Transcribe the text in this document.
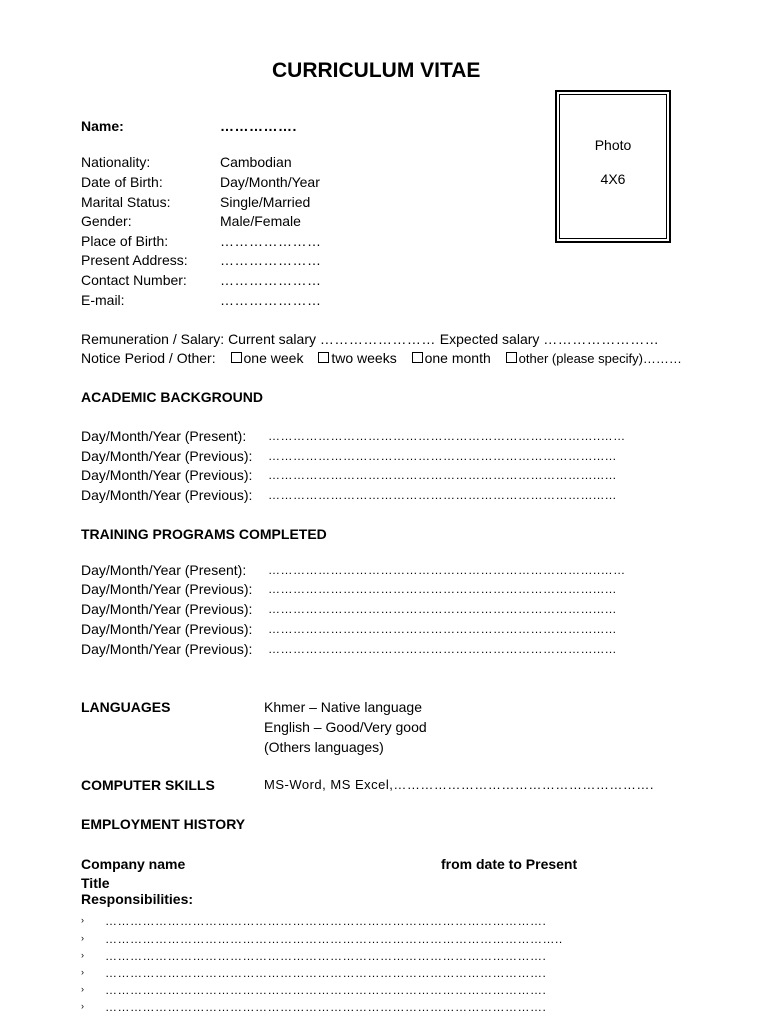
CURRICULUM VITAE
Photo
4X6
Name:	…………….
Nationality:	Cambodian
Date of Birth:	Day/Month/Year
Marital Status:	Single/Married
Gender:	Male/Female
Place of Birth:	…………………
Present Address: …………………
Contact Number: …………………
E-mail:	…………………
Remuneration / Salary: Current salary …………………… Expected salary ……………………
Notice Period / Other: one week two weeks one month other (please specify)………
ACADEMIC BACKGROUND
Day/Month/Year (Present): ……………………………………………………………………..……
Day/Month/Year (Previous): ……………………………………………………………………...…
Day/Month/Year (Previous): ……………………………………………………………………...…
Day/Month/Year (Previous): ……………………………………………………………………...…
TRAINING PROGRAMS COMPLETED
Day/Month/Year (Present): ……………………………………………………………………..……
Day/Month/Year (Previous): ……………………………………………………………………...…
Day/Month/Year (Previous): ……………………………………………………………………...…
Day/Month/Year (Previous): ……………………………………………………………………...…
Day/Month/Year (Previous): ……………………………………………………………………...…
LANGUAGES	Khmer – Native language
English – Good/Very good
(Others languages)
COMPUTER SKILLS	MS-Word, MS Excel,………………………………………………….
EMPLOYMENT HISTORY
Company name	from date to Present
Title
Responsibilities:
› …………………………………………………………………………………………….
› ………………………………………………………………………………………………..
› …………………………………………………………………………………………….
› …………………………………………………………………………………………….
› …………………………………………………………………………………………….
› …………………………………………………………………………………………….
